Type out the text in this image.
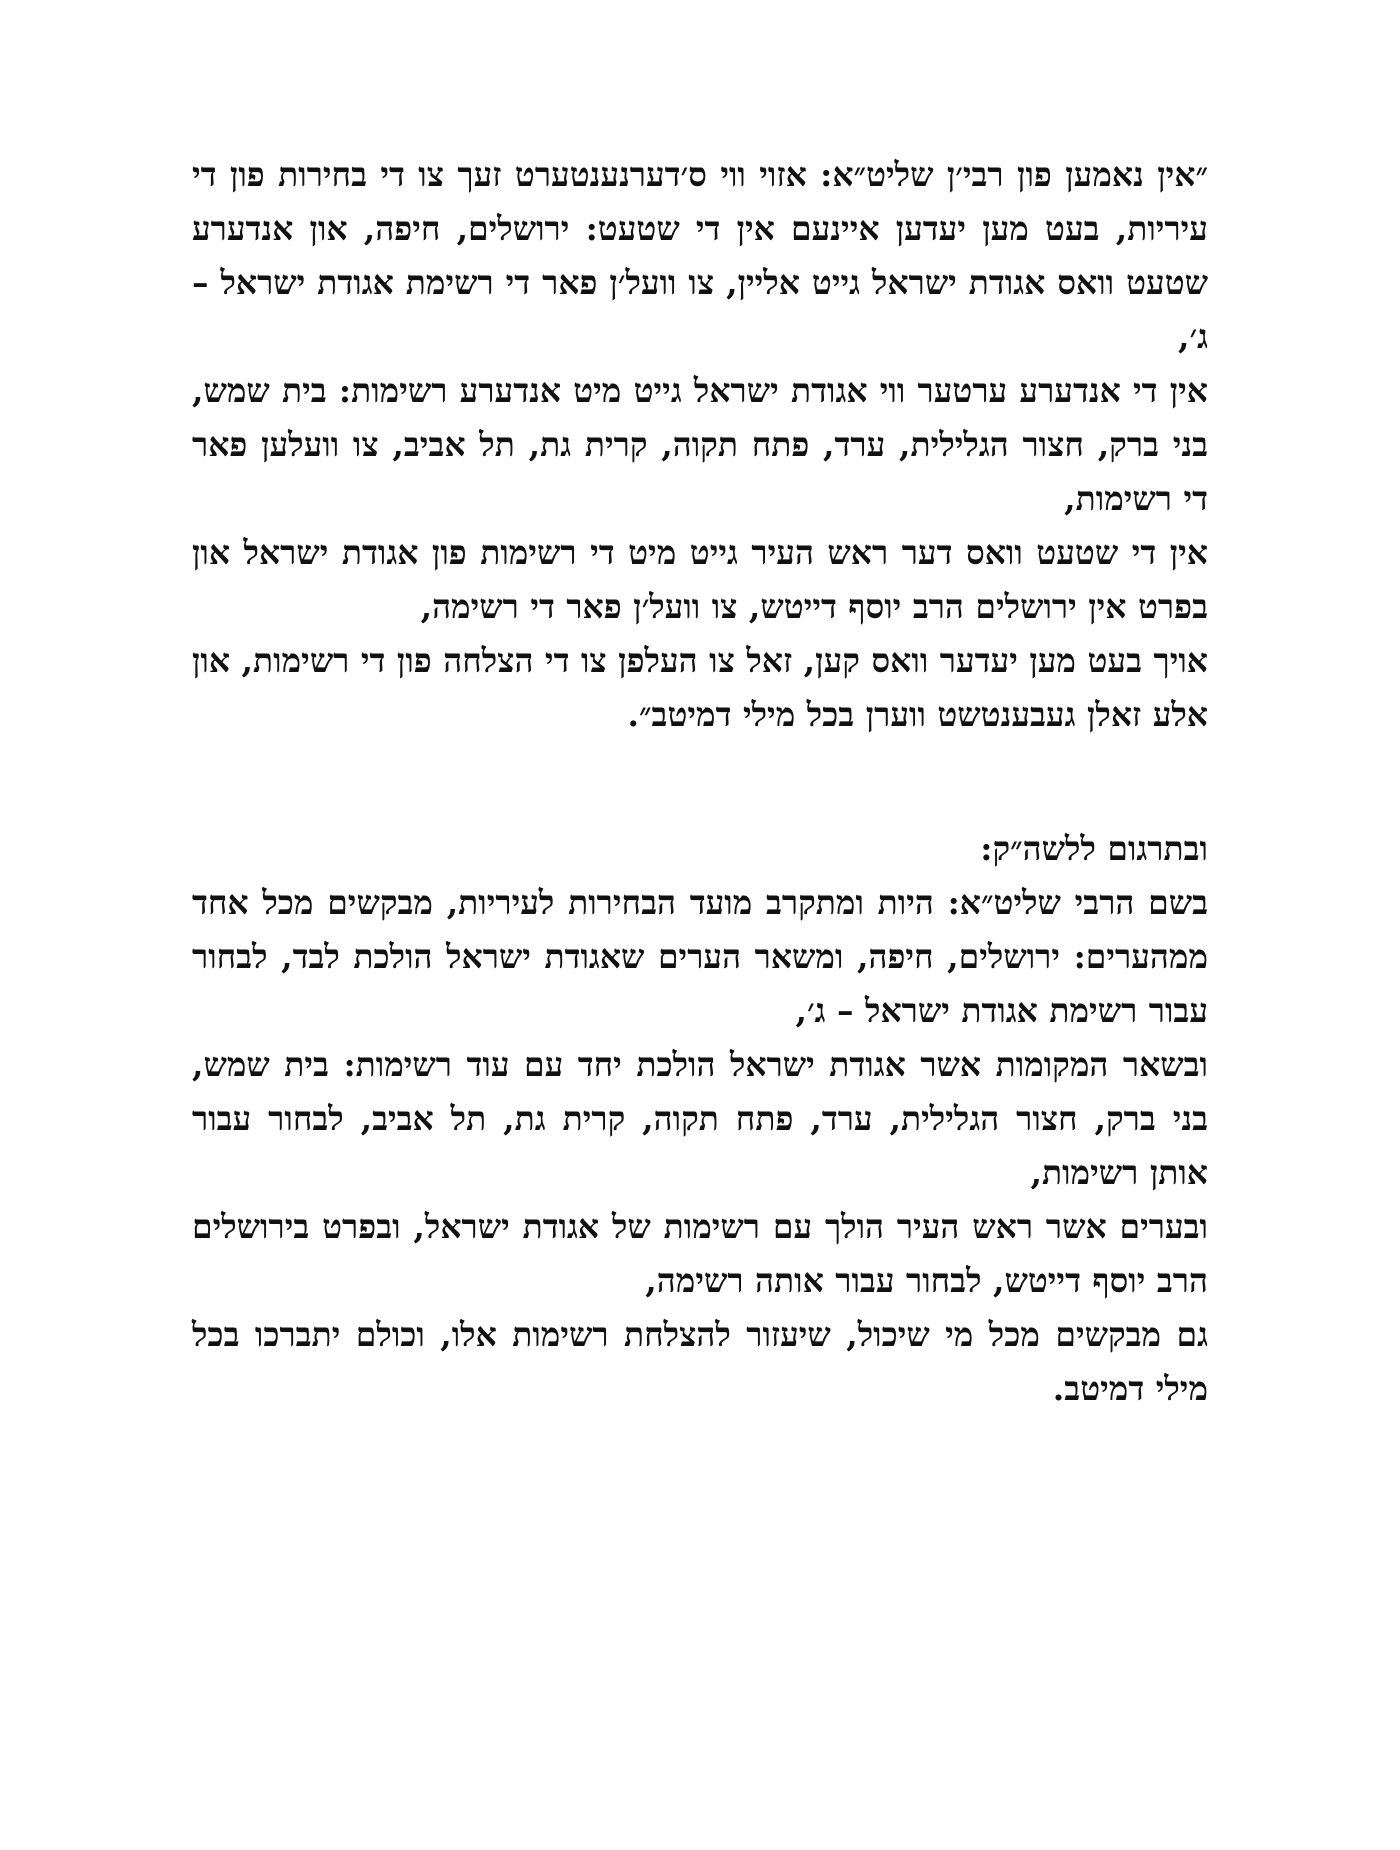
״אין נאמען פון רבי׳ן שליט״א: אזוי ווי ס׳דערנענטערט זעך צו די בחירות פון די עיריות, בעט מען יעדען איינעם אין די שטעט: ירושלים, חיפה, און אנדערע שטעט וואס אגודת ישראל גייט אליין, צו וועל׳ן פאר די רשימת אגודת ישראל – ג׳,

אין די אנדערע ערטער ווי אגודת ישראל גייט מיט אנדערע רשימות: בית שמש, בני ברק, חצור הגלילית, ערד, פתח תקוה, קרית גת, תל אביב, צו וועלען פאר די רשימות,

אין די שטעט וואס דער ראש העיר גייט מיט די רשימות פון אגודת ישראל און בפרט אין ירושלים הרב יוסף דייטש, צו וועל׳ן פאר די רשימה,

אויך בעט מען יעדער וואס קען, זאל צו העלפן צו די הצלחה פון די רשימות, און אלע זאלן געבענטשט ווערן בכל מילי דמיטב״.

ובתרגום ללשה״ק:

בשם הרבי שליט״א: היות ומתקרב מועד הבחירות לעיריות, מבקשים מכל אחד ממהערים: ירושלים, חיפה, ומשאר הערים שאגודת ישראל הולכת לבד, לבחור עבור רשימת אגודת ישראל – ג׳,

ובשאר המקומות אשר אגודת ישראל הולכת יחד עם עוד רשימות: בית שמש, בני ברק, חצור הגלילית, ערד, פתח תקוה, קרית גת, תל אביב, לבחור עבור אותן רשימות,

ובערים אשר ראש העיר הולך עם רשימות של אגודת ישראל, ובפרט בירושלים הרב יוסף דייטש, לבחור עבור אותה רשימה,

גם מבקשים מכל מי שיכול, שיעזור להצלחת רשימות אלו, וכולם יתברכו בכל מילי דמיטב.
